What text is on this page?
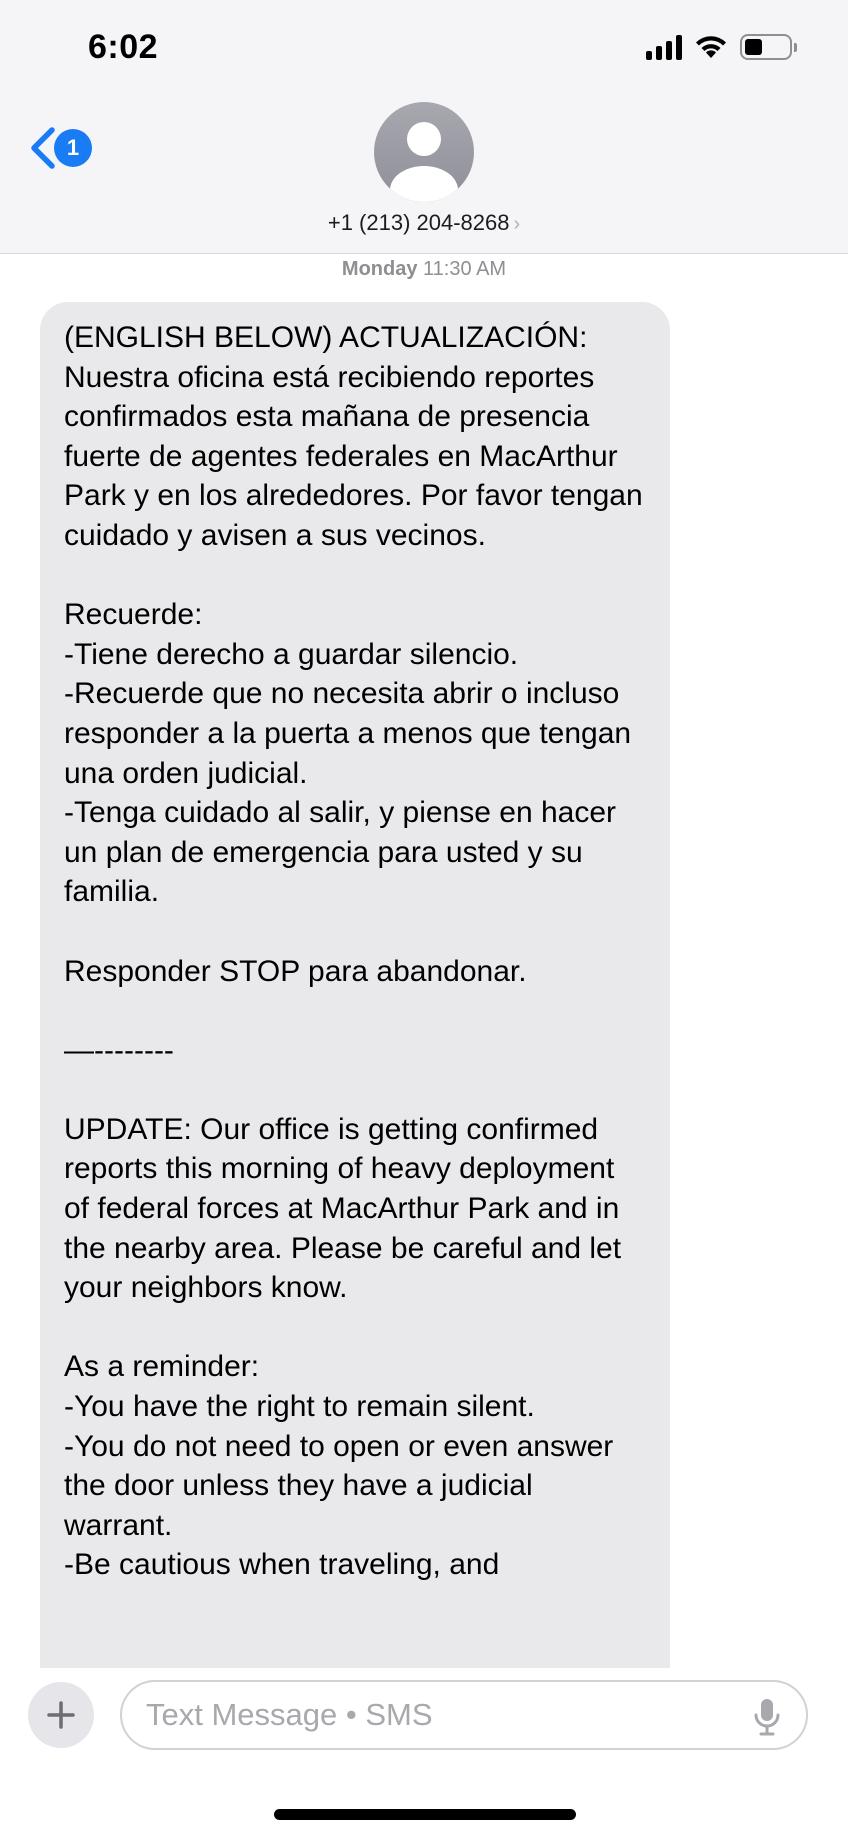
6:02
1
+1 (213) 204-8268 ›
Monday 11:30 AM
(ENGLISH BELOW) ACTUALIZACIÓN: Nuestra oficina está recibiendo reportes confirmados esta mañana de presencia fuerte de agentes federales en MacArthur Park y en los alrededores. Por favor tengan cuidado y avisen a sus vecinos.

Recuerde:
-Tiene derecho a guardar silencio.
-Recuerde que no necesita abrir o incluso responder a la puerta a menos que tengan una orden judicial.
-Tenga cuidado al salir, y piense en hacer un plan de emergencia para usted y su familia.

Responder STOP para abandonar.

—--------

UPDATE: Our office is getting confirmed reports this morning of heavy deployment of federal forces at MacArthur Park and in the nearby area. Please be careful and let your neighbors know.

As a reminder:
-You have the right to remain silent.
-You do not need to open or even answer the door unless they have a judicial warrant.
-Be cautious when traveling, and
Text Message • SMS
